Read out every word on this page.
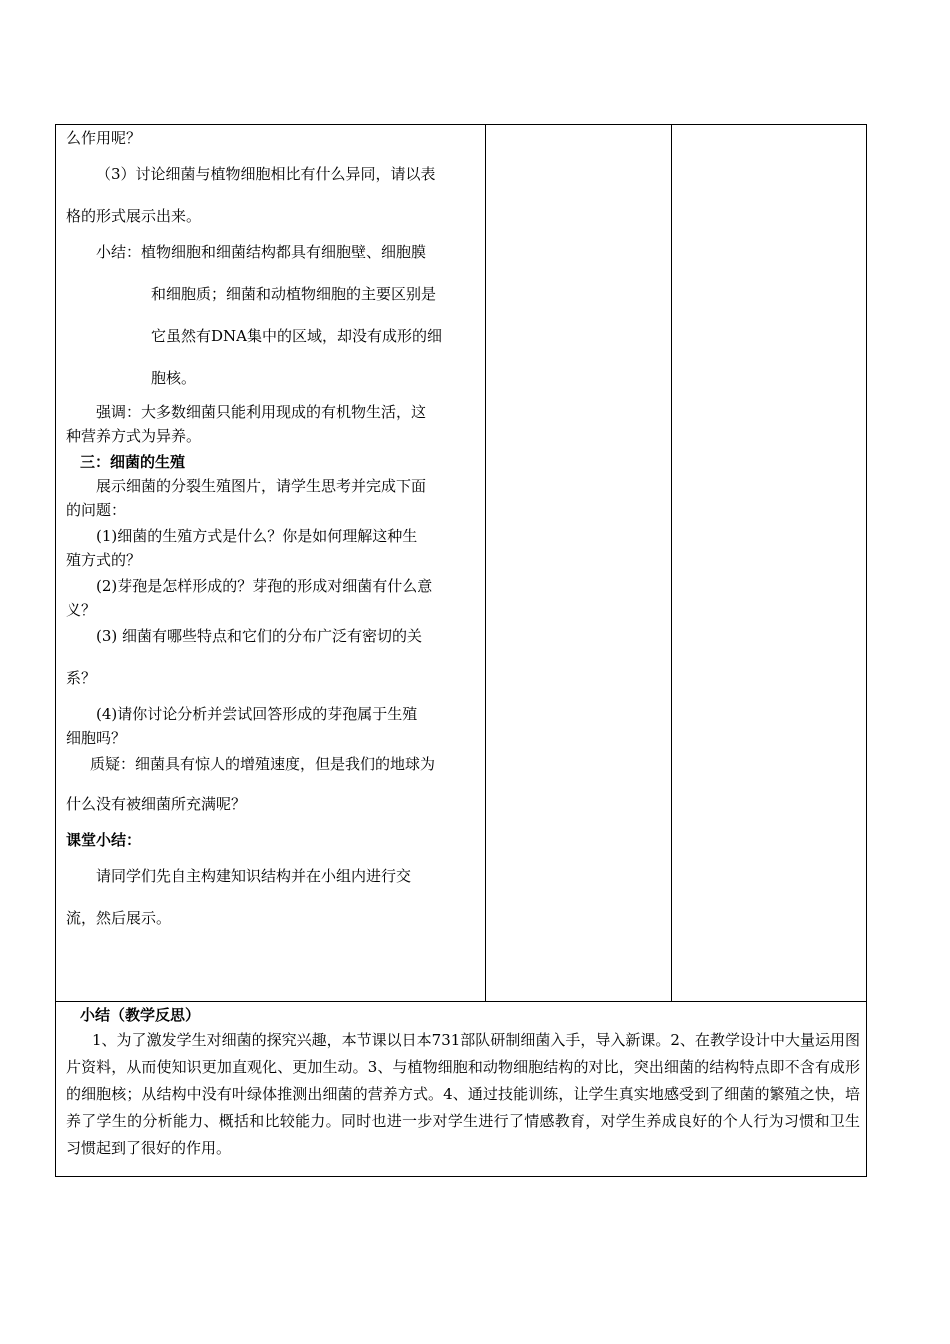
么作用呢？
（3）讨论细菌与植物细胞相比有什么异同，请以表
格的形式展示出来。
小结：植物细胞和细菌结构都具有细胞壁、细胞膜
和细胞质；细菌和动植物细胞的主要区别是
它虽然有DNA集中的区域，却没有成形的细
胞核。
强调：大多数细菌只能利用现成的有机物生活，这
种营养方式为异养。
三：细菌的生殖
展示细菌的分裂生殖图片，请学生思考并完成下面
的问题：
(1)细菌的生殖方式是什么？你是如何理解这种生
殖方式的？
(2)芽孢是怎样形成的？芽孢的形成对细菌有什么意
义？
(3) 细菌有哪些特点和它们的分布广泛有密切的关
系？
(4)请你讨论分析并尝试回答形成的芽孢属于生殖
细胞吗？
质疑：细菌具有惊人的增殖速度，但是我们的地球为
什么没有被细菌所充满呢？
课堂小结：
请同学们先自主构建知识结构并在小组内进行交
流，然后展示。
小结（教学反思）
1、为了激发学生对细菌的探究兴趣，本节课以日本731部队研制细菌入手，导入新课。2、在教学设计中大量运用图片资料，从而使知识更加直观化、更加生动。3、与植物细胞和动物细胞结构的对比，突出细菌的结构特点即不含有成形的细胞核；从结构中没有叶绿体推测出细菌的营养方式。4、通过技能训练，让学生真实地感受到了细菌的繁殖之快，培养了学生的分析能力、概括和比较能力。同时也进一步对学生进行了情感教育，对学生养成良好的个人行为习惯和卫生习惯起到了很好的作用。
